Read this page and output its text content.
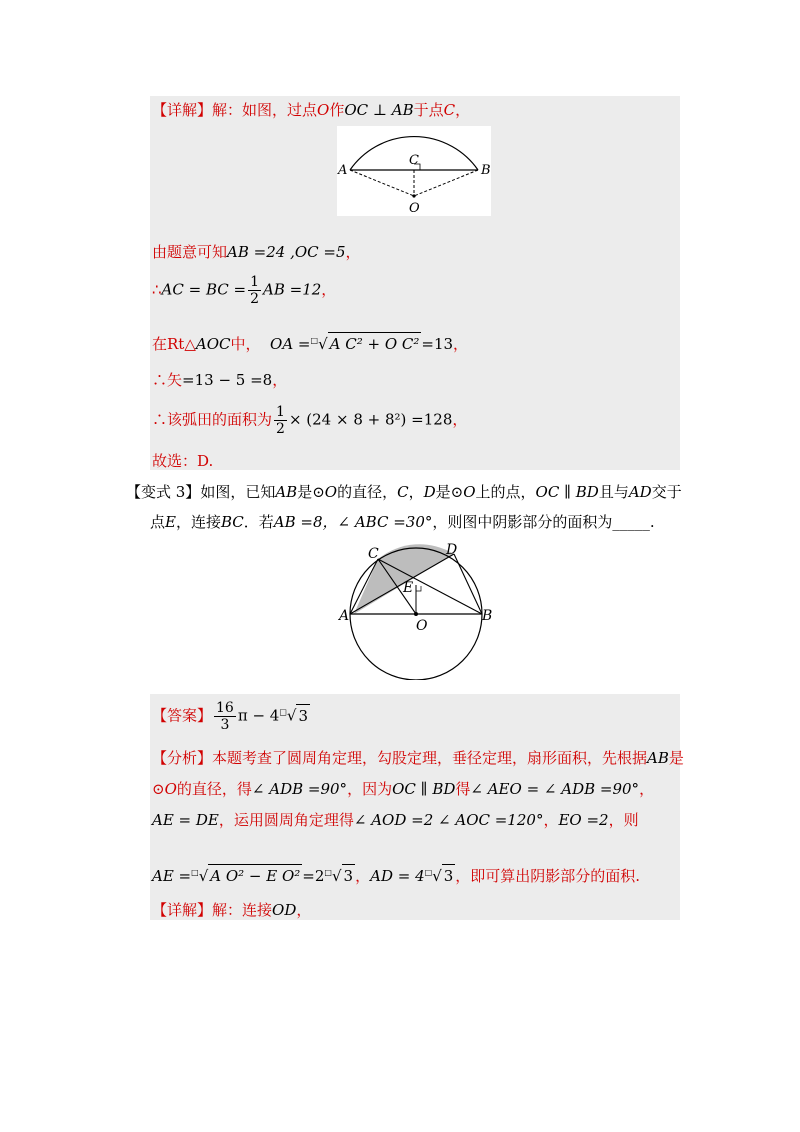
【详解】解：如图，过点O作OC ⊥ AB于点C，
A	B
C
O
由题意可知AB =24 ,OC =5，
∴AC = BC = $\frac{1}{2}$ AB =12，
在Rt△AOC中， OA =□√ A C² + O C² =13，
∴矢=13 − 5 =8，
∴该弧田的面积为 $\frac{1}{2} \times (24 \times 8 + 8^2) =128$，
故选：D.
【变式 3】如图，已知AB是⊙O的直径，C，D是⊙O上的点，OC ∥ BD且与AD交于
点E，连接BC．若AB =8，∠ ABC =30°，则图中阴影部分的面积为_____.
A	B
C	D
E
O
【答案】 $\frac{16}{3}$ π − 4□√ 3
【分析】本题考查了圆周角定理，勾股定理，垂径定理，扇形面积，先根据AB是
⊙O的直径，得∠ ADB =90°，因为OC ∥ BD得∠ AEO = ∠ ADB =90°，
AE = DE，运用圆周角定理得∠ AOD =2 ∠ AOC =120°，EO =2，则
AE =□√ A O² − E O² =2□√ 3 ，AD = 4□√ 3 ，即可算出阴影部分的面积.
【详解】解：连接OD，
